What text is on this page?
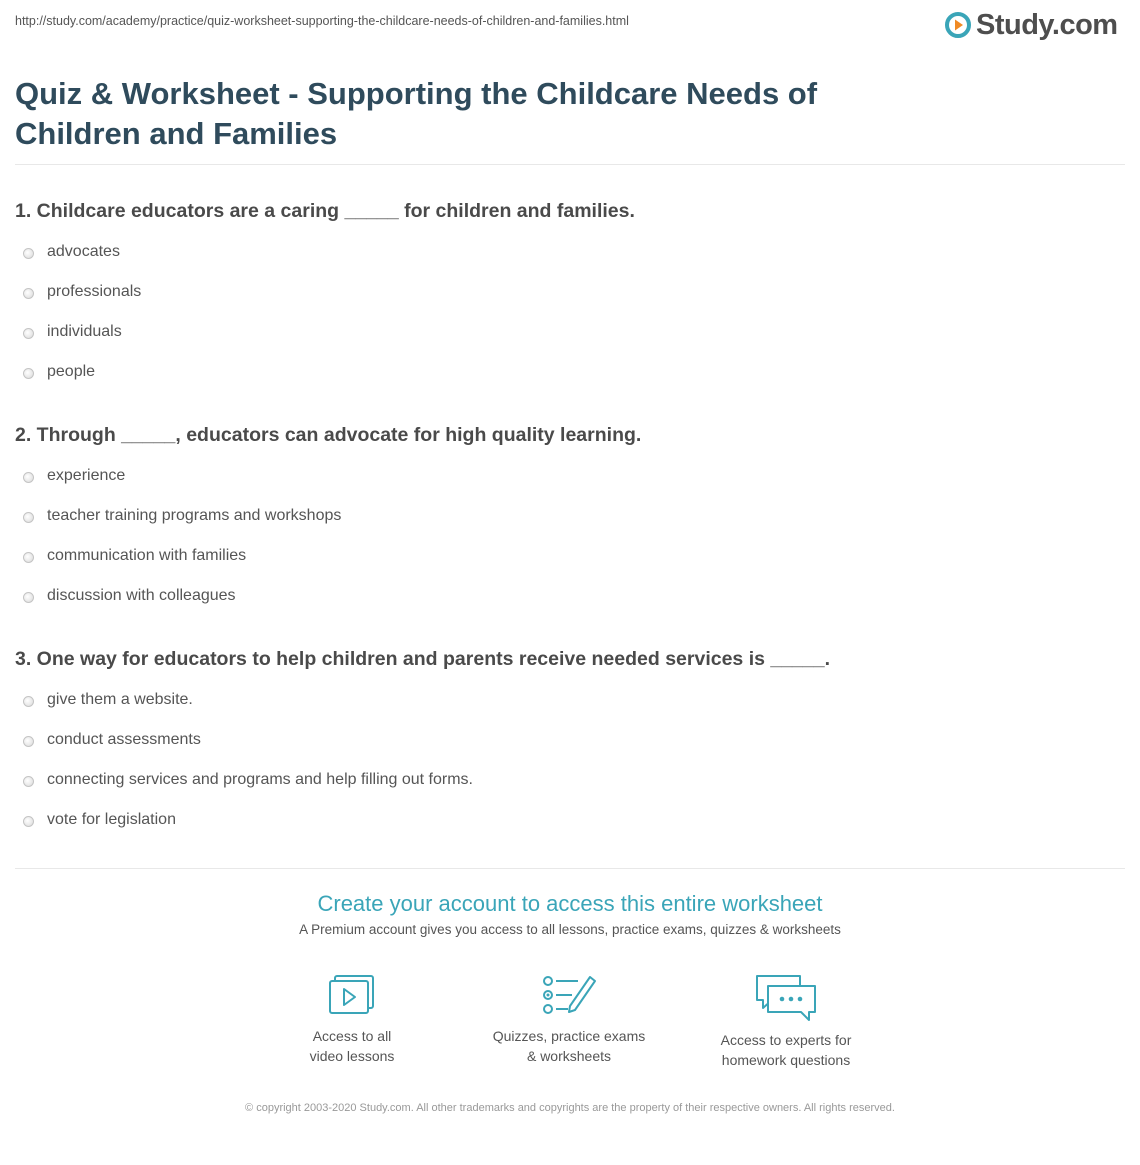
http://study.com/academy/practice/quiz-worksheet-supporting-the-childcare-needs-of-children-and-families.html	Study.com
Quiz & Worksheet - Supporting the Childcare Needs of Children and Families
1. Childcare educators are a caring _____ for children and families.
advocates
professionals
individuals
people
2. Through _____, educators can advocate for high quality learning.
experience
teacher training programs and workshops
communication with families
discussion with colleagues
3. One way for educators to help children and parents receive needed services is _____.
give them a website.
conduct assessments
connecting services and programs and help filling out forms.
vote for legislation
Create your account to access this entire worksheet
A Premium account gives you access to all lessons, practice exams, quizzes & worksheets
Access to all
video lessons
Quizzes, practice exams
& worksheets
Access to experts for
homework questions
© copyright 2003-2020 Study.com. All other trademarks and copyrights are the property of their respective owners. All rights reserved.
